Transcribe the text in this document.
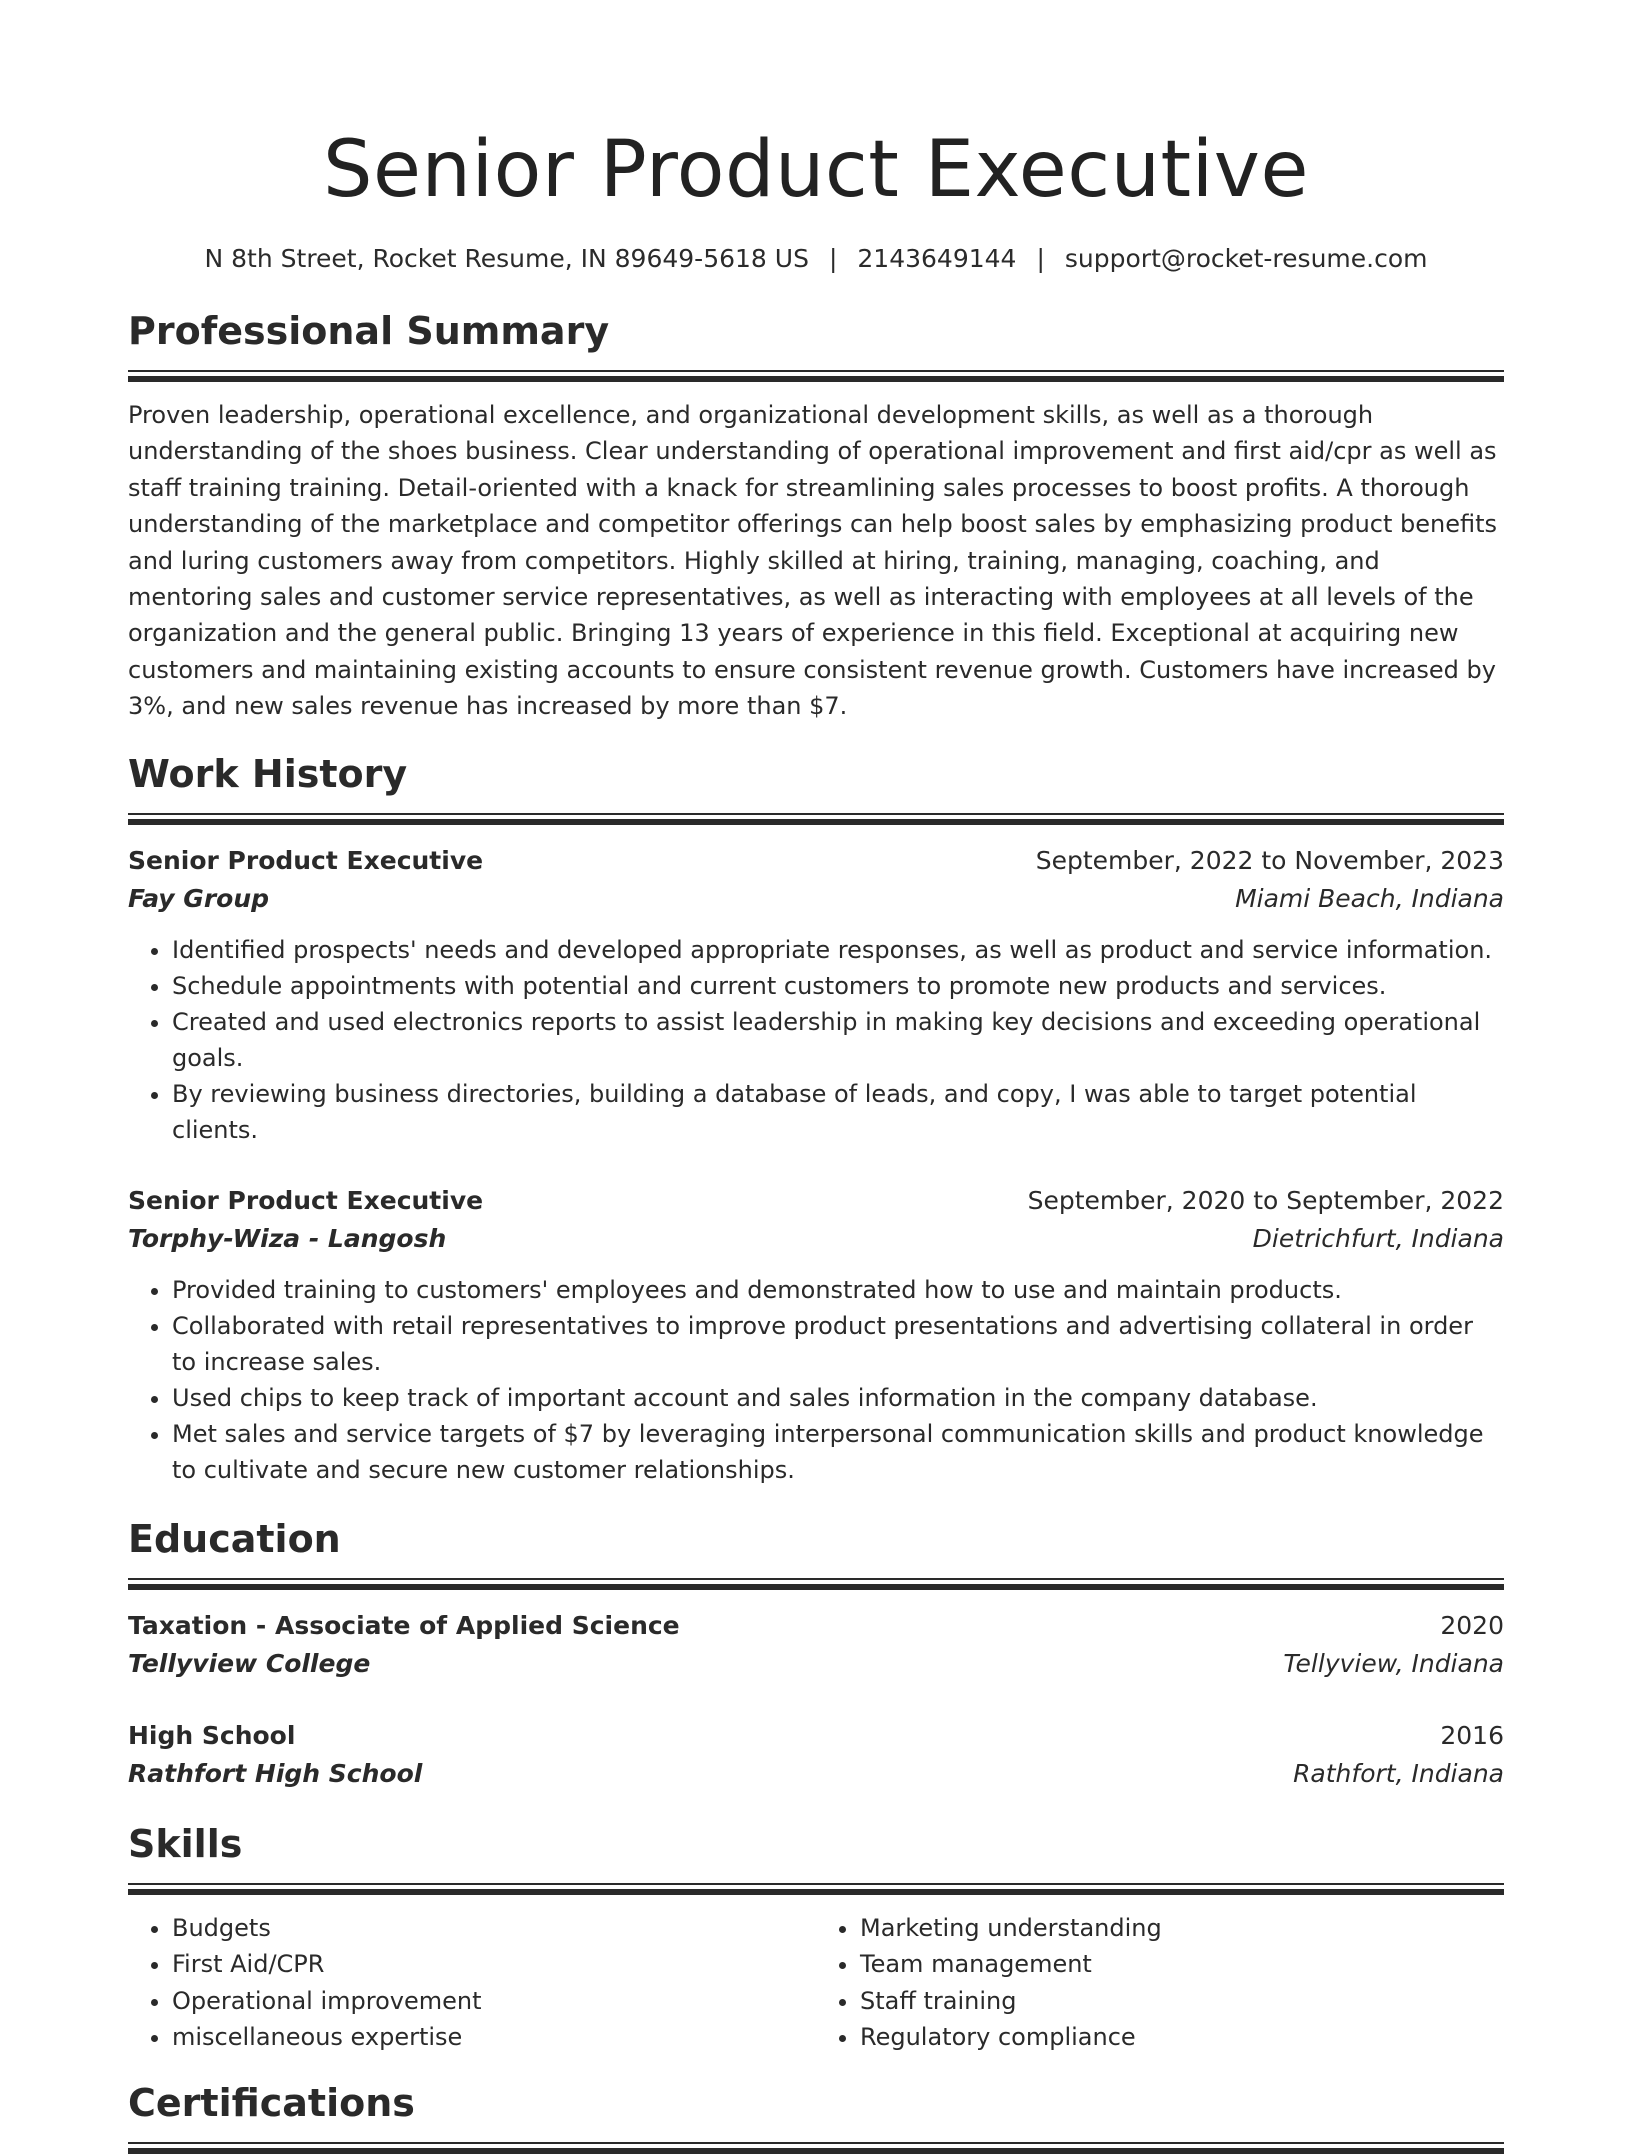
Senior Product Executive
N 8th Street, Rocket Resume, IN 89649-5618 US | 2143649144 | support@rocket-resume.com
Professional Summary
Proven leadership, operational excellence, and organizational development skills, as well as a thorough understanding of the shoes business. Clear understanding of operational improvement and first aid/cpr as well as staff training training. Detail-oriented with a knack for streamlining sales processes to boost profits. A thorough understanding of the marketplace and competitor offerings can help boost sales by emphasizing product benefits and luring customers away from competitors. Highly skilled at hiring, training, managing, coaching, and mentoring sales and customer service representatives, as well as interacting with employees at all levels of the organization and the general public. Bringing 13 years of experience in this field. Exceptional at acquiring new customers and maintaining existing accounts to ensure consistent revenue growth. Customers have increased by 3%, and new sales revenue has increased by more than $7.
Work History
Senior Product Executive	September, 2022 to November, 2023
Fay Group	Miami Beach, Indiana
• Identified prospects' needs and developed appropriate responses, as well as product and service information.
• Schedule appointments with potential and current customers to promote new products and services.
• Created and used electronics reports to assist leadership in making key decisions and exceeding operational goals.
• By reviewing business directories, building a database of leads, and copy, I was able to target potential clients.
Senior Product Executive	September, 2020 to September, 2022
Torphy-Wiza - Langosh	Dietrichfurt, Indiana
• Provided training to customers' employees and demonstrated how to use and maintain products.
• Collaborated with retail representatives to improve product presentations and advertising collateral in order to increase sales.
• Used chips to keep track of important account and sales information in the company database.
• Met sales and service targets of $7 by leveraging interpersonal communication skills and product knowledge to cultivate and secure new customer relationships.
Education
Taxation - Associate of Applied Science	2020
Tellyview College	Tellyview, Indiana
High School	2016
Rathfort High School	Rathfort, Indiana
Skills
• Budgets
• First Aid/CPR
• Operational improvement
• miscellaneous expertise
• Marketing understanding
• Team management
• Staff training
• Regulatory compliance
Certifications
